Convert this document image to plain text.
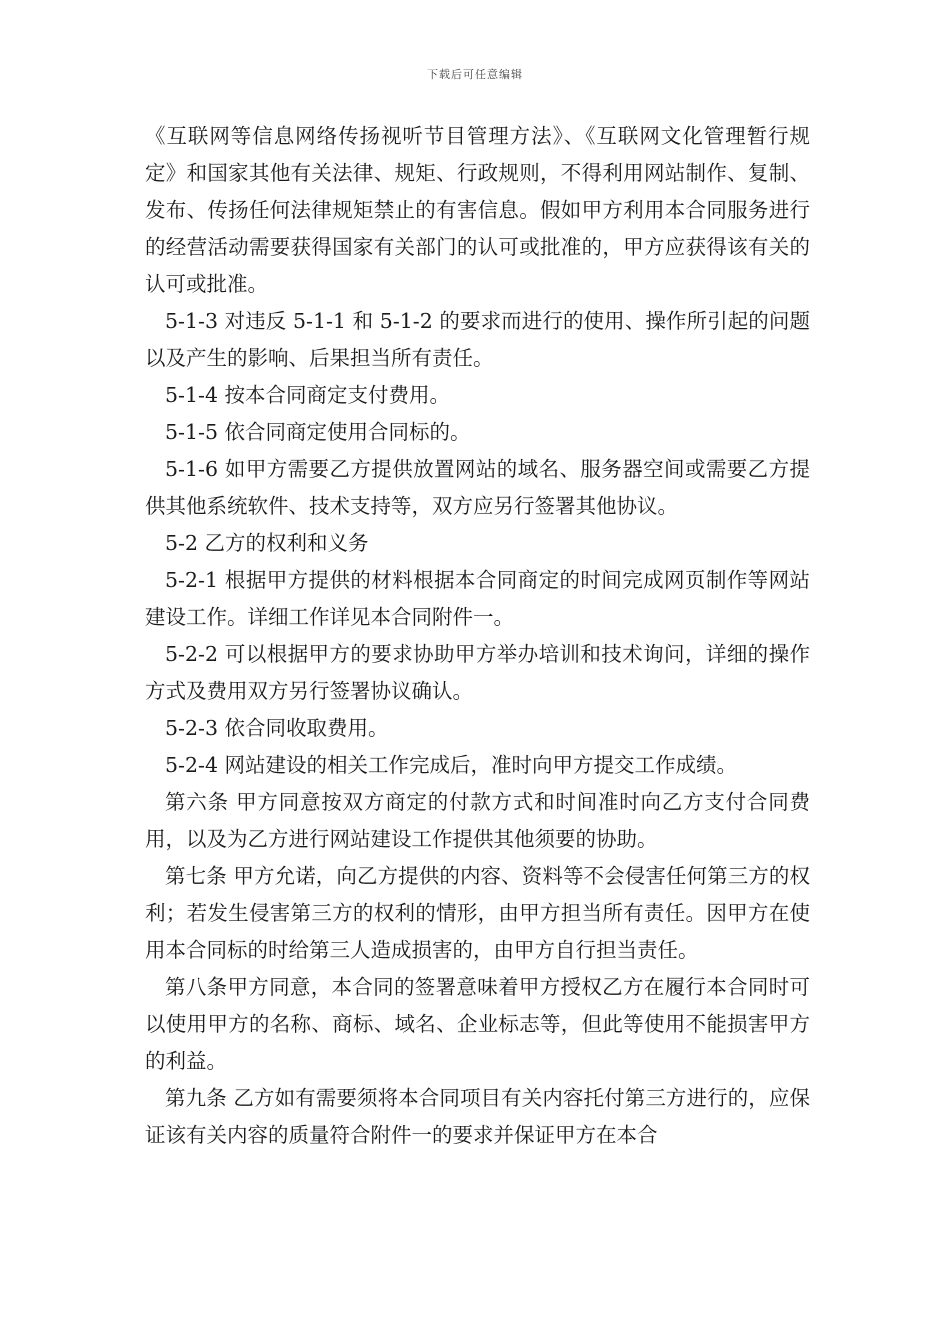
下载后可任意编辑

《互联网等信息网络传扬视听节目管理方法》、《互联网文化管理暂行规定》和国家其他有关法律、规矩、行政规则，不得利用网站制作、复制、发布、传扬任何法律规矩禁止的有害信息。假如甲方利用本合同服务进行的经营活动需要获得国家有关部门的认可或批准的，甲方应获得该有关的认可或批准。

5-1-3 对违反 5-1-1 和 5-1-2 的要求而进行的使用、操作所引起的问题以及产生的影响、后果担当所有责任。

5-1-4 按本合同商定支付费用。

5-1-5 依合同商定使用合同标的。

5-1-6 如甲方需要乙方提供放置网站的域名、服务器空间或需要乙方提供其他系统软件、技术支持等，双方应另行签署其他协议。

5-2 乙方的权利和义务

5-2-1 根据甲方提供的材料根据本合同商定的时间完成网页制作等网站建设工作。详细工作详见本合同附件一。

5-2-2 可以根据甲方的要求协助甲方举办培训和技术询问，详细的操作方式及费用双方另行签署协议确认。

5-2-3 依合同收取费用。

5-2-4 网站建设的相关工作完成后，准时向甲方提交工作成绩。

第六条 甲方同意按双方商定的付款方式和时间准时向乙方支付合同费用，以及为乙方进行网站建设工作提供其他须要的协助。

第七条 甲方允诺，向乙方提供的内容、资料等不会侵害任何第三方的权利；若发生侵害第三方的权利的情形，由甲方担当所有责任。因甲方在使用本合同标的时给第三人造成损害的，由甲方自行担当责任。

第八条甲方同意，本合同的签署意味着甲方授权乙方在履行本合同时可以使用甲方的名称、商标、域名、企业标志等，但此等使用不能损害甲方的利益。

第九条 乙方如有需要须将本合同项目有关内容托付第三方进行的，应保证该有关内容的质量符合附件一的要求并保证甲方在本合
